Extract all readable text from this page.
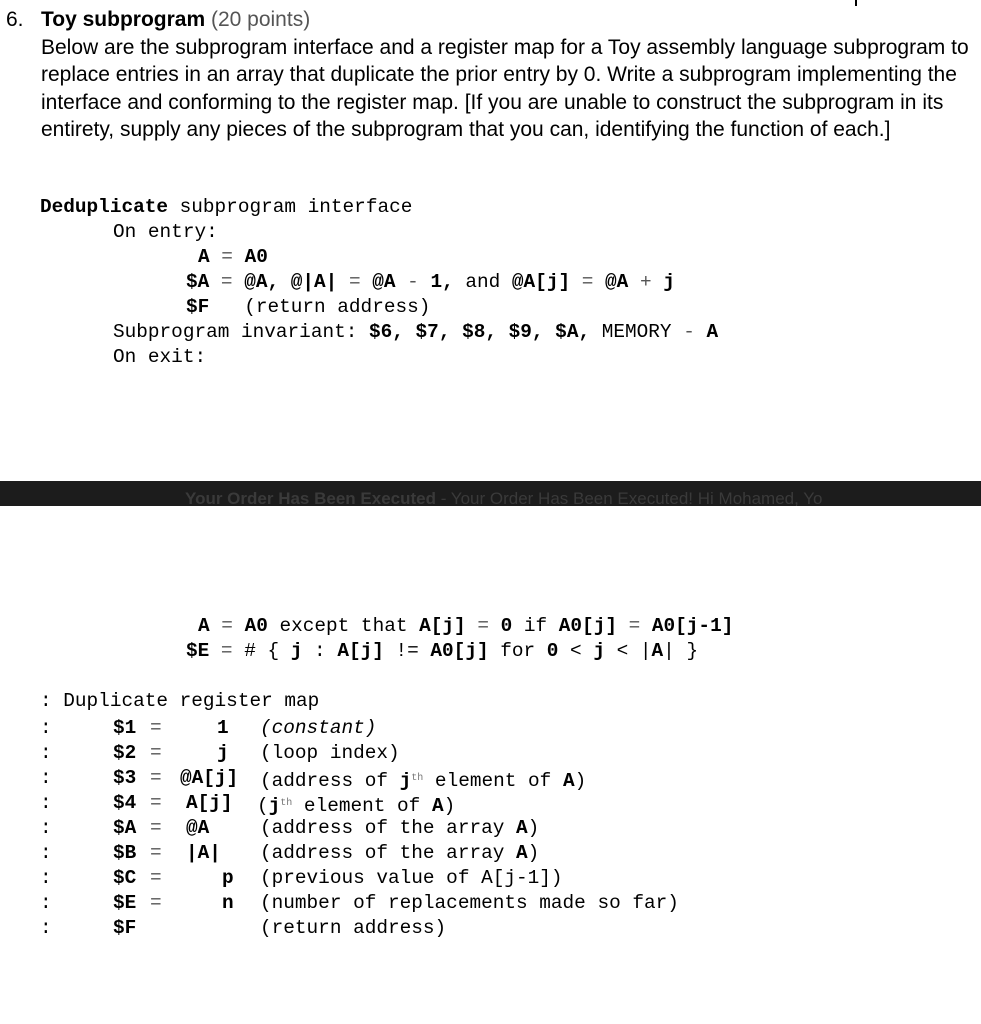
6. Toy subprogram (20 points)
Below are the subprogram interface and a register map for a Toy assembly language subprogram to replace entries in an array that duplicate the prior entry by 0. Write a subprogram implementing the interface and conforming to the register map. [If you are unable to construct the subprogram in its entirety, supply any pieces of the subprogram that you can, identifying the function of each.]
Deduplicate subprogram interface
On entry:
A = A0
$A = @A, @|A| = @A - 1, and @A[j] = @A + j
$F   (return address)
Subprogram invariant: $6, $7, $8, $9, $A, MEMORY - A
On exit:
Your Order Has Been Executed - Your Order Has Been Executed! Hi Mohamed, Yo
A = A0 except that A[j] = 0 if A0[j] = A0[j-1]
$E = # { j : A[j] != A0[j] for 0 < j < |A| }
: Duplicate register map
:	$1 =	1 (constant)
:	$2 =	j (loop index)
:	$3 = @A[j] (address of $j^{th}$ element of A)
:	$4 = A[j] ($j^{th}$ element of A)
:	$A = @A	(address of the array A)
:	$B = |A| (address of the array A)
:	$C =	p (previous value of A[j-1])
:	$E =	n (number of replacements made so far)
:	$F	(return address)
